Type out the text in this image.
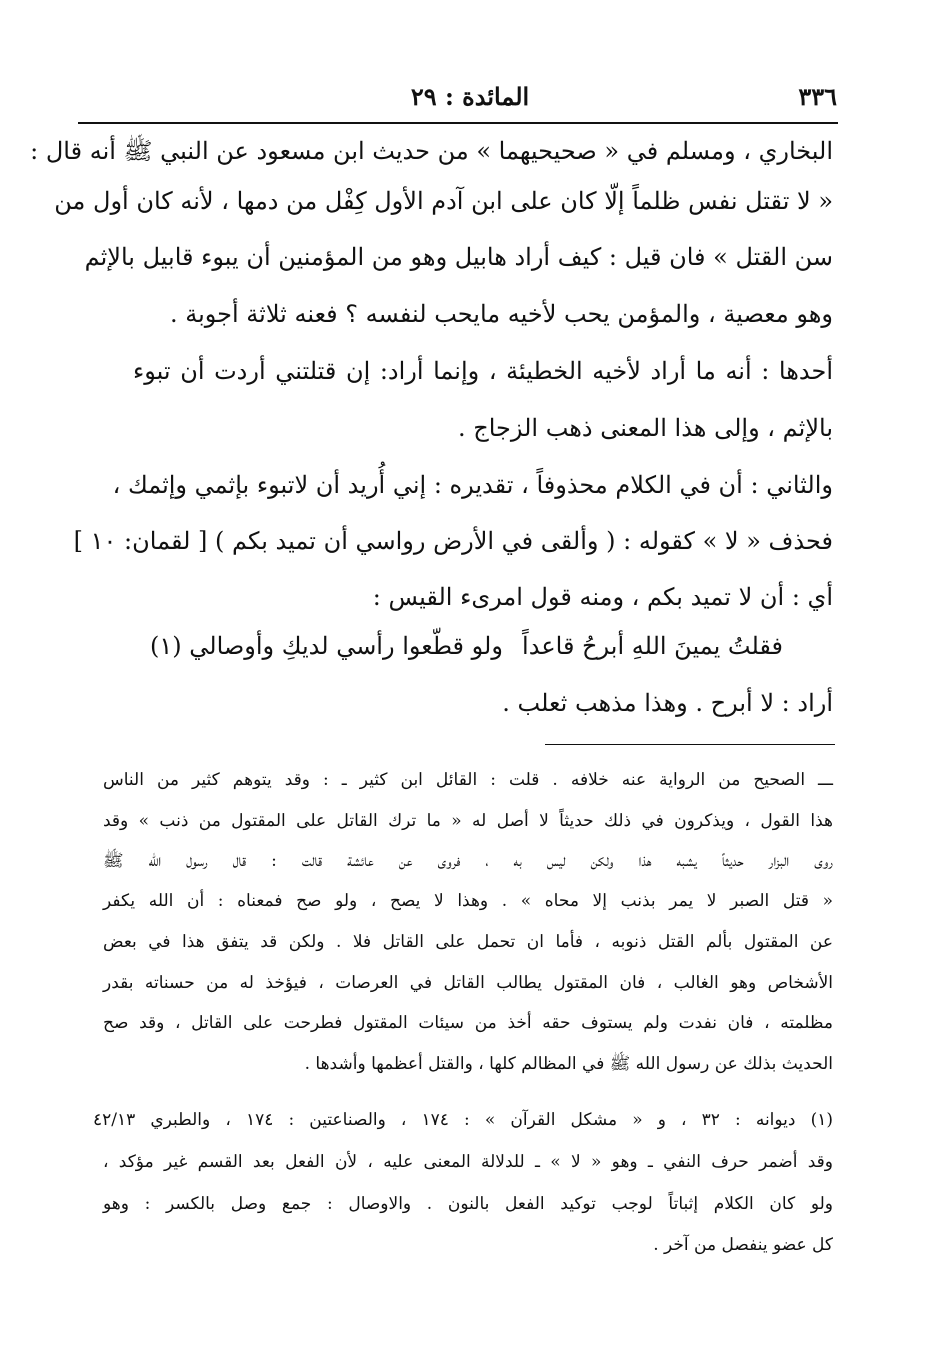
٣٣٦
المائدة : ٢٩
البخاري ، ومسلم في « صحيحيهما » من حديث ابن مسعود عن النبي ﷺ أنه قال :
« لا تقتل نفس ظلماً إلّا كان على ابن آدم الأول كِفْل من دمها ، لأنه كان أول من
سن القتل » فان قيل : كيف أراد هابيل وهو من المؤمنين أن يبوء قابيل بالإثم
وهو معصية ، والمؤمن يحب لأخيه مايحب لنفسه ؟ فعنه ثلاثة أجوبة .
أحدها : أنه ما أراد لأخيه الخطيئة ، وإنما أراد: إن قتلتني أردت أن تبوء
بالإثم ، وإلى هذا المعنى ذهب الزجاج .
والثاني : أن في الكلام محذوفاً ، تقديره : إني أُريد أن لاتبوء بإثمي وإثمك ،
فحذف « لا » كقوله : ( وألقى في الأرض رواسي أن تميد بكم ) [ لقمان: ١٠ ]
أي : أن لا تميد بكم ، ومنه قول امرىء القيس :
فقلتُ يمينَ اللهِ أبرحُ قاعداً
ولو قطّعوا رأسي لديكِ وأوصالي (١)
أراد : لا أبرح . وهذا مذهب ثعلب .
ـــ الصحيح من الرواية عنه خلافه . قلت : القائل ابن كثير ـ : وقد يتوهم كثير من الناس
هذا القول ، ويذكرون في ذلك حديثاً لا أصل له « ما ترك القاتل على المقتول من ذنب » وقد
روى البزار حديثاً يشبه هذا ولكن ليس به ، فروى عن عائشة قالت : قال رسول الله ﷺ
« قتل الصبر لا يمر بذنب إلا محاه » . وهذا لا يصح ، ولو صح فمعناه : أن الله يكفر
عن المقتول بألم القتل ذنوبه ، فأما ان تحمل على القاتل فلا . ولكن قد يتفق هذا في بعض
الأشخاص وهو الغالب ، فان المقتول يطالب القاتل في العرصات ، فيؤخذ له من حسناته بقدر
مظلمته ، فان نفدت ولم يستوف حقه أخذ من سيئات المقتول فطرحت على القاتل ، وقد صح
الحديث بذلك عن رسول الله ﷺ في المظالم كلها ، والقتل أعظمها وأشدها .
(١) ديوانه : ٣٢ ، و « مشكل القرآن » : ١٧٤ ، والصناعتين : ١٧٤ ، والطبري ٤٢/١٣
وقد أضمر حرف النفي ـ وهو « لا » ـ للدلالة المعنى عليه ، لأن الفعل بعد القسم غير مؤكد ،
ولو كان الكلام إثباتاً لوجب توكيد الفعل بالنون . والاوصال : جمع وصل بالكسر : وهو
كل عضو ينفصل من آخر .
